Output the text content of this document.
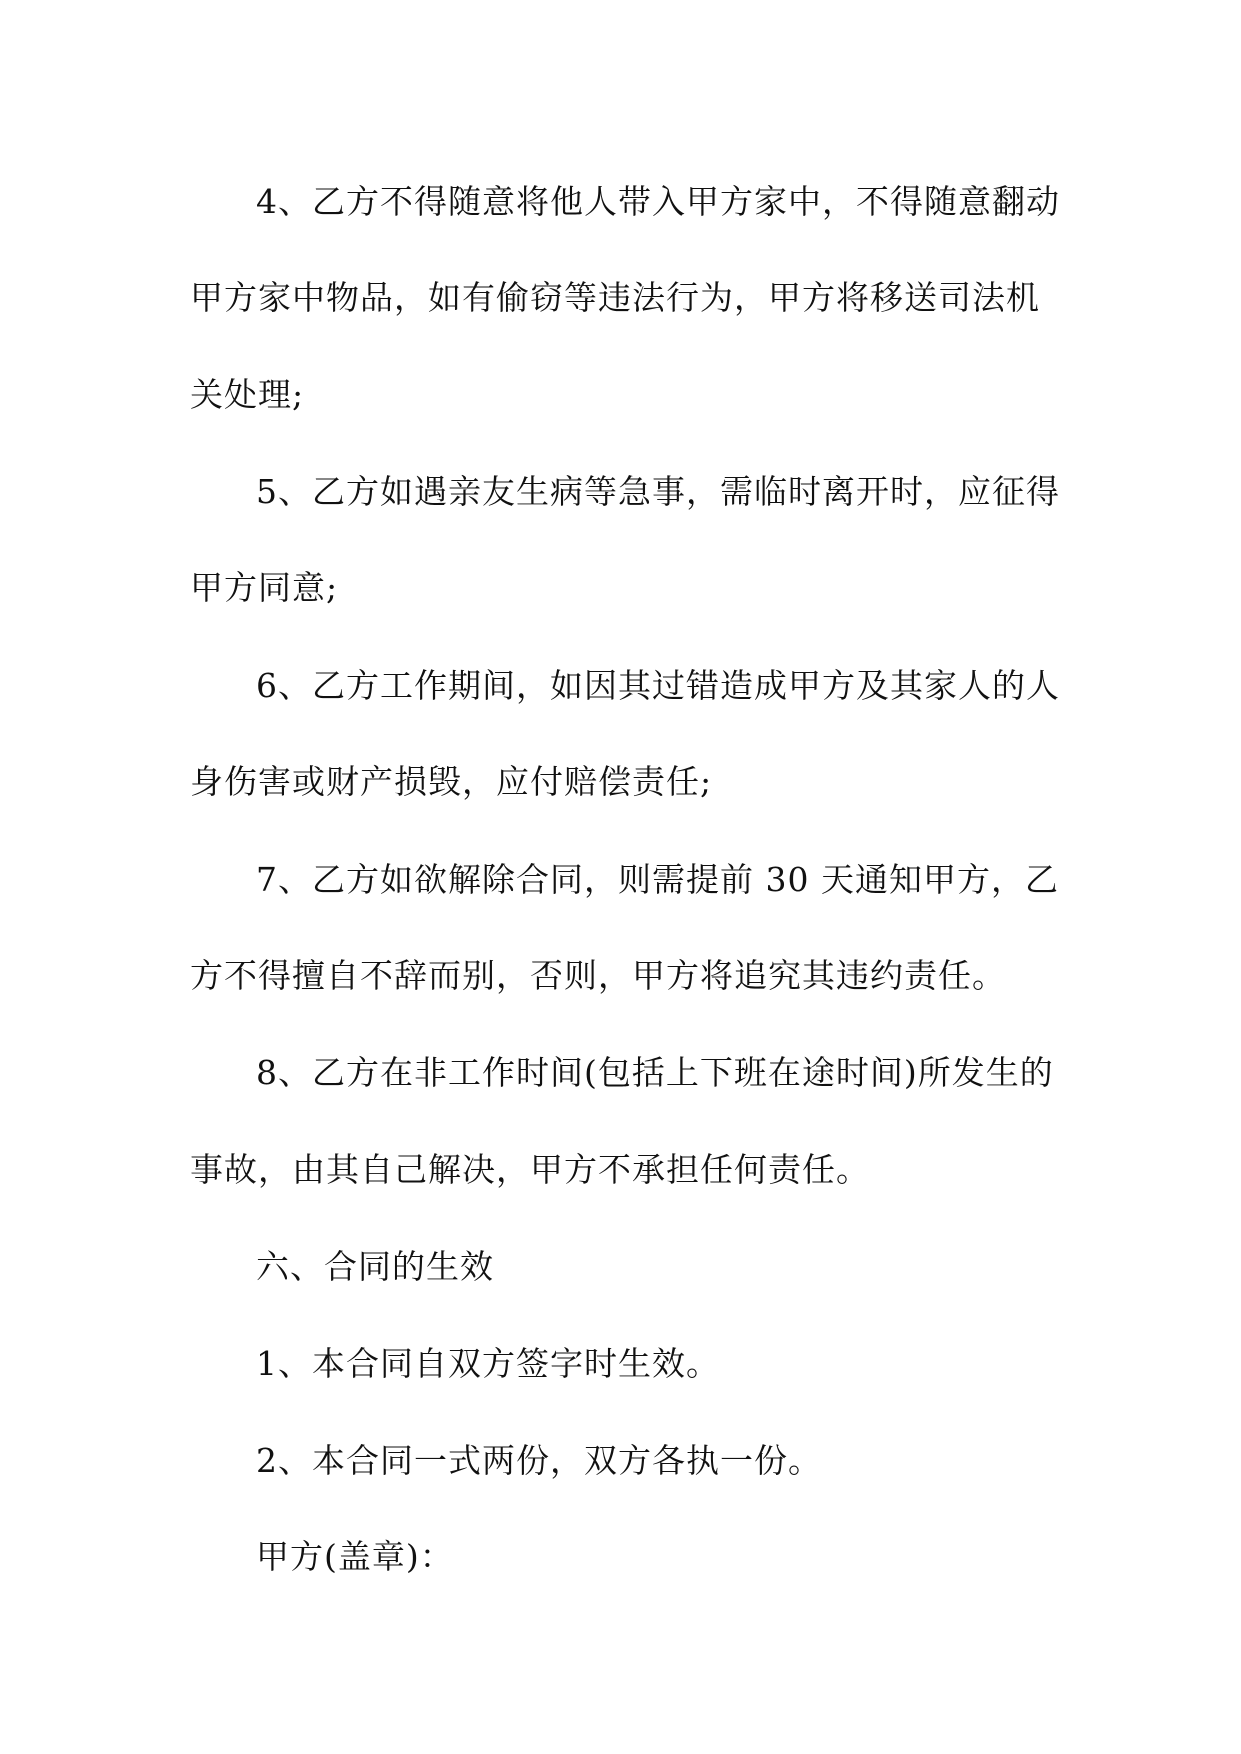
4、乙方不得随意将他人带入甲方家中，不得随意翻动
甲方家中物品，如有偷窃等违法行为，甲方将移送司法机
关处理;
5、乙方如遇亲友生病等急事，需临时离开时，应征得
甲方同意;
6、乙方工作期间，如因其过错造成甲方及其家人的人
身伤害或财产损毁，应付赔偿责任;
7、乙方如欲解除合同，则需提前 30 天通知甲方，乙
方不得擅自不辞而别，否则，甲方将追究其违约责任。
8、乙方在非工作时间(包括上下班在途时间)所发生的
事故，由其自己解决，甲方不承担任何责任。
六、合同的生效
1、本合同自双方签字时生效。
2、本合同一式两份，双方各执一份。
甲方(盖章)：
